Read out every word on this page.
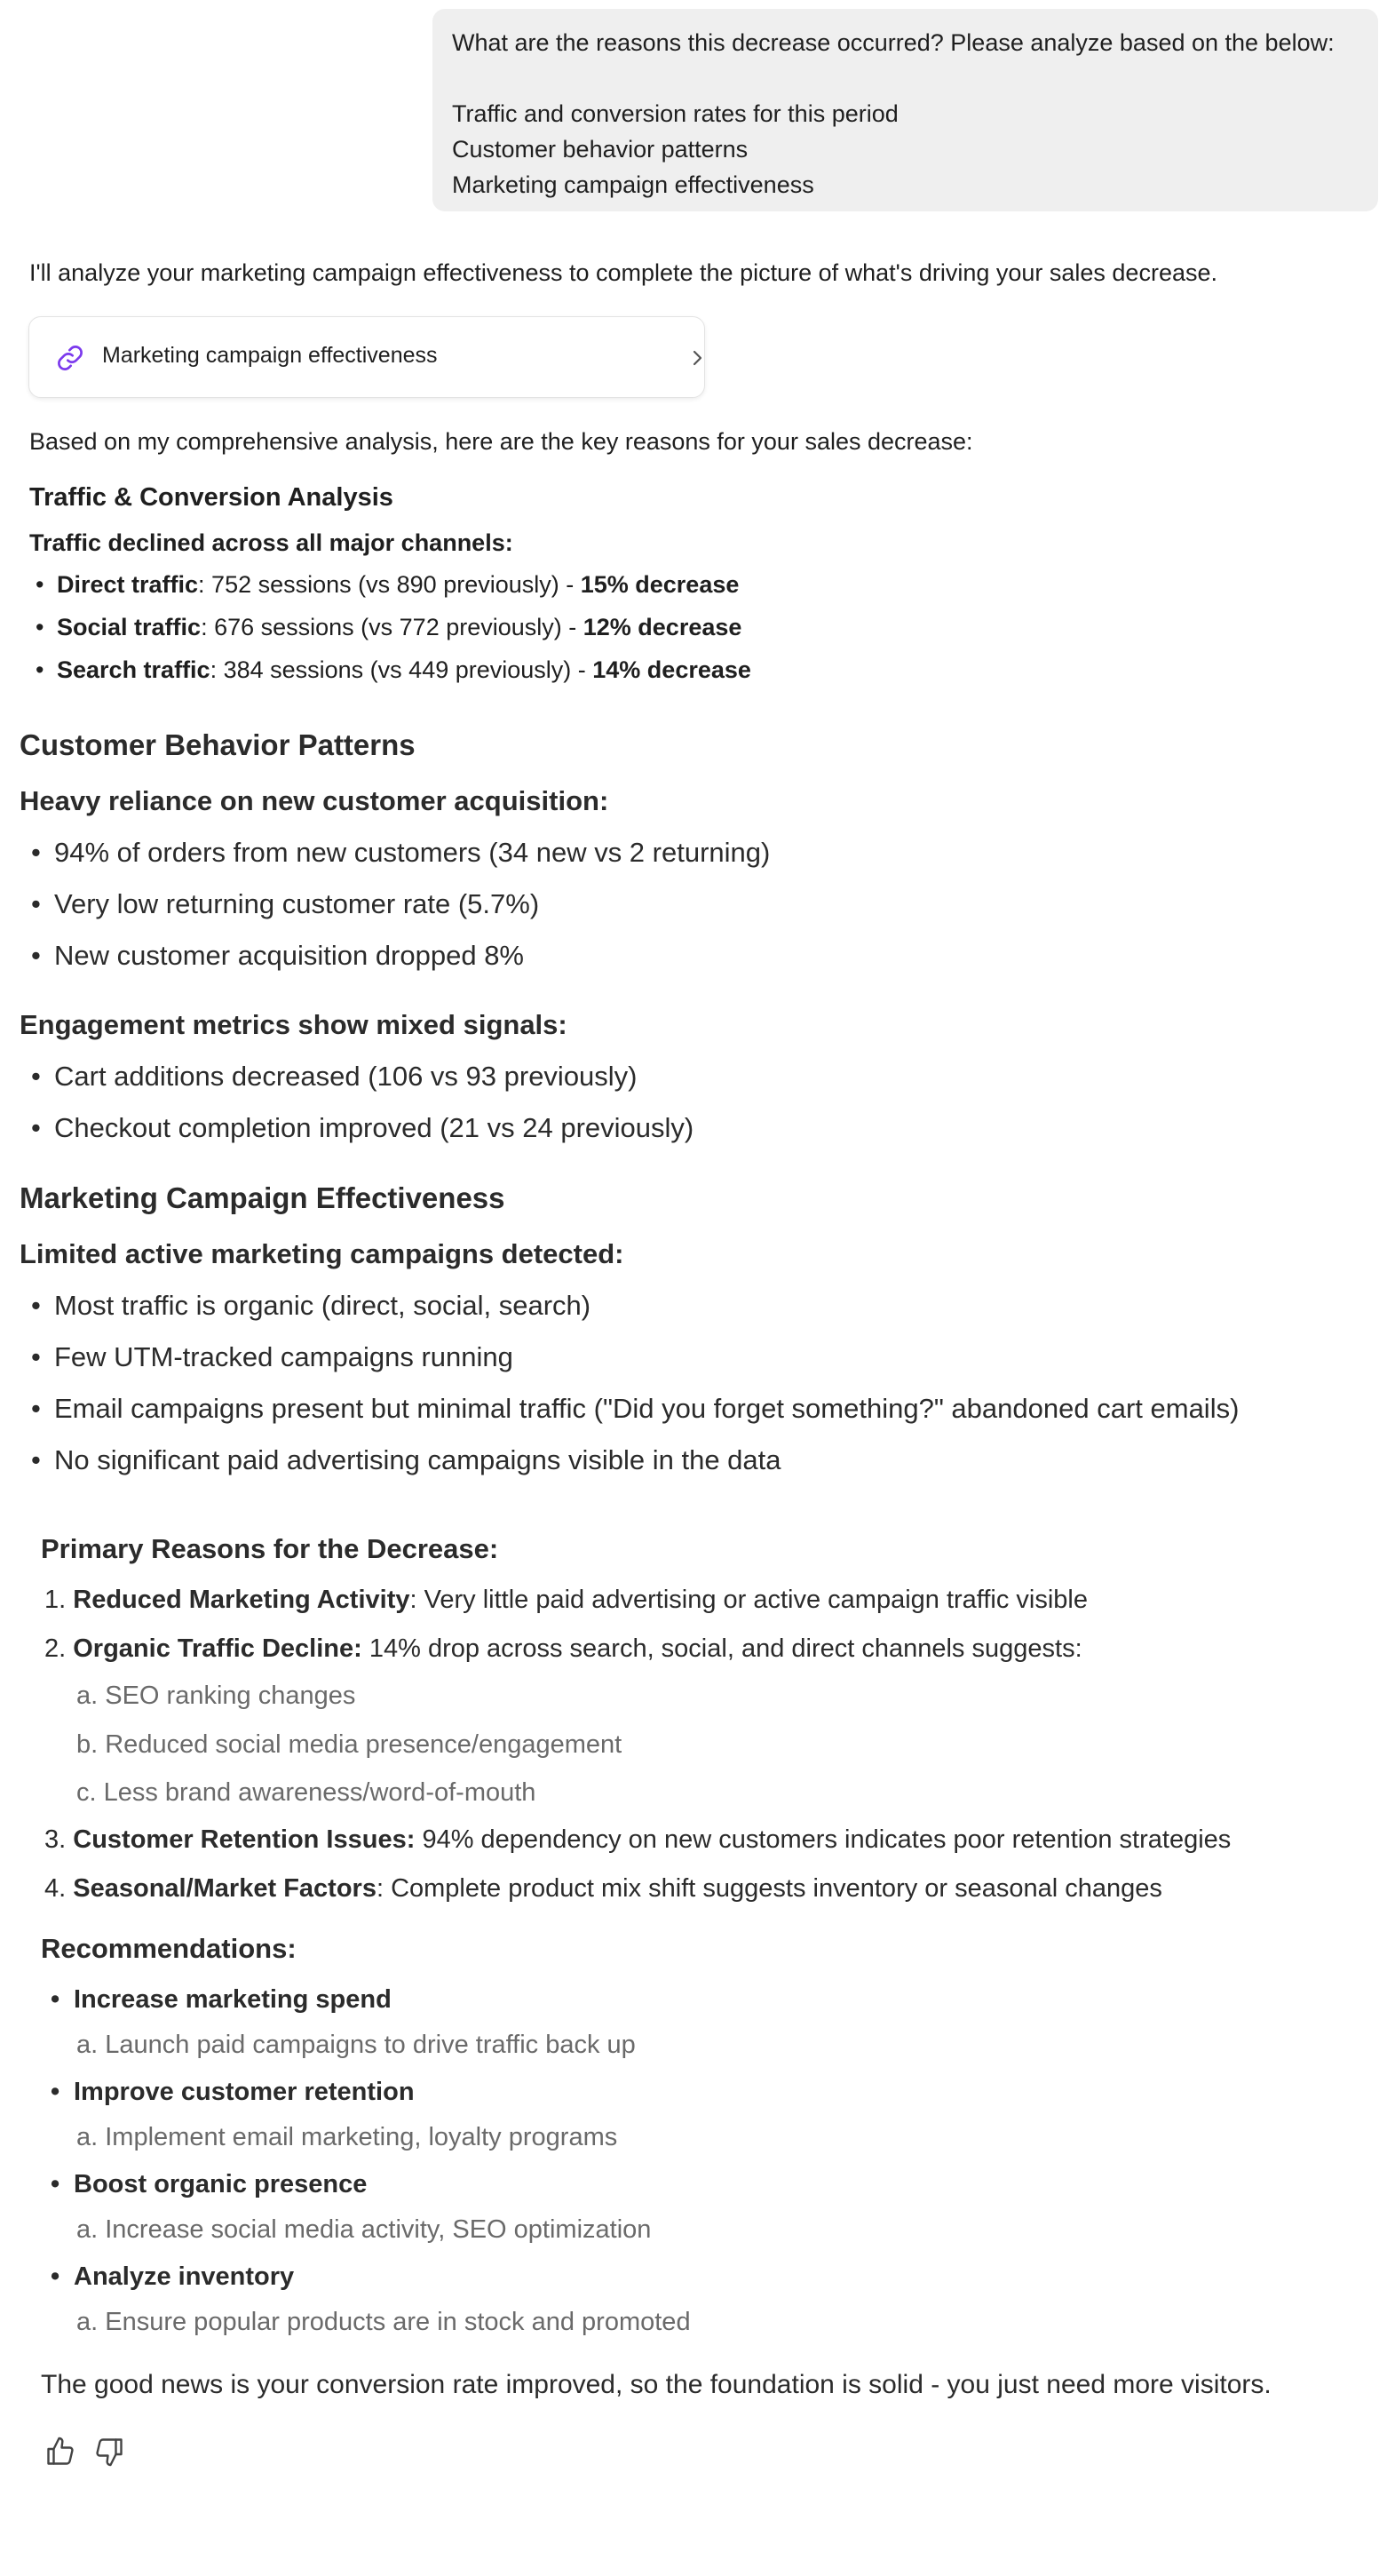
What are the reasons this decrease occurred? Please analyze based on the below:
Traffic and conversion rates for this period
Customer behavior patterns
Marketing campaign effectiveness
I'll analyze your marketing campaign effectiveness to complete the picture of what's driving your sales decrease.
Marketing campaign effectiveness
Based on my comprehensive analysis, here are the key reasons for your sales decrease:
Traffic & Conversion Analysis
Traffic declined across all major channels:
• Direct traffic: 752 sessions (vs 890 previously) - 15% decrease
• Social traffic: 676 sessions (vs 772 previously) - 12% decrease
• Search traffic: 384 sessions (vs 449 previously) - 14% decrease
Customer Behavior Patterns
Heavy reliance on new customer acquisition:
• 94% of orders from new customers (34 new vs 2 returning)
• Very low returning customer rate (5.7%)
• New customer acquisition dropped 8%
Engagement metrics show mixed signals:
• Cart additions decreased (106 vs 93 previously)
• Checkout completion improved (21 vs 24 previously)
Marketing Campaign Effectiveness
Limited active marketing campaigns detected:
• Most traffic is organic (direct, social, search)
• Few UTM-tracked campaigns running
• Email campaigns present but minimal traffic ("Did you forget something?" abandoned cart emails)
• No significant paid advertising campaigns visible in the data
Primary Reasons for the Decrease:
1. Reduced Marketing Activity: Very little paid advertising or active campaign traffic visible
2. Organic Traffic Decline: 14% drop across search, social, and direct channels suggests:
a. SEO ranking changes
b. Reduced social media presence/engagement
c. Less brand awareness/word-of-mouth
3. Customer Retention Issues: 94% dependency on new customers indicates poor retention strategies
4. Seasonal/Market Factors: Complete product mix shift suggests inventory or seasonal changes
Recommendations:
• Increase marketing spend
a. Launch paid campaigns to drive traffic back up
• Improve customer retention
a. Implement email marketing, loyalty programs
• Boost organic presence
a. Increase social media activity, SEO optimization
• Analyze inventory
a. Ensure popular products are in stock and promoted
The good news is your conversion rate improved, so the foundation is solid - you just need more visitors.
